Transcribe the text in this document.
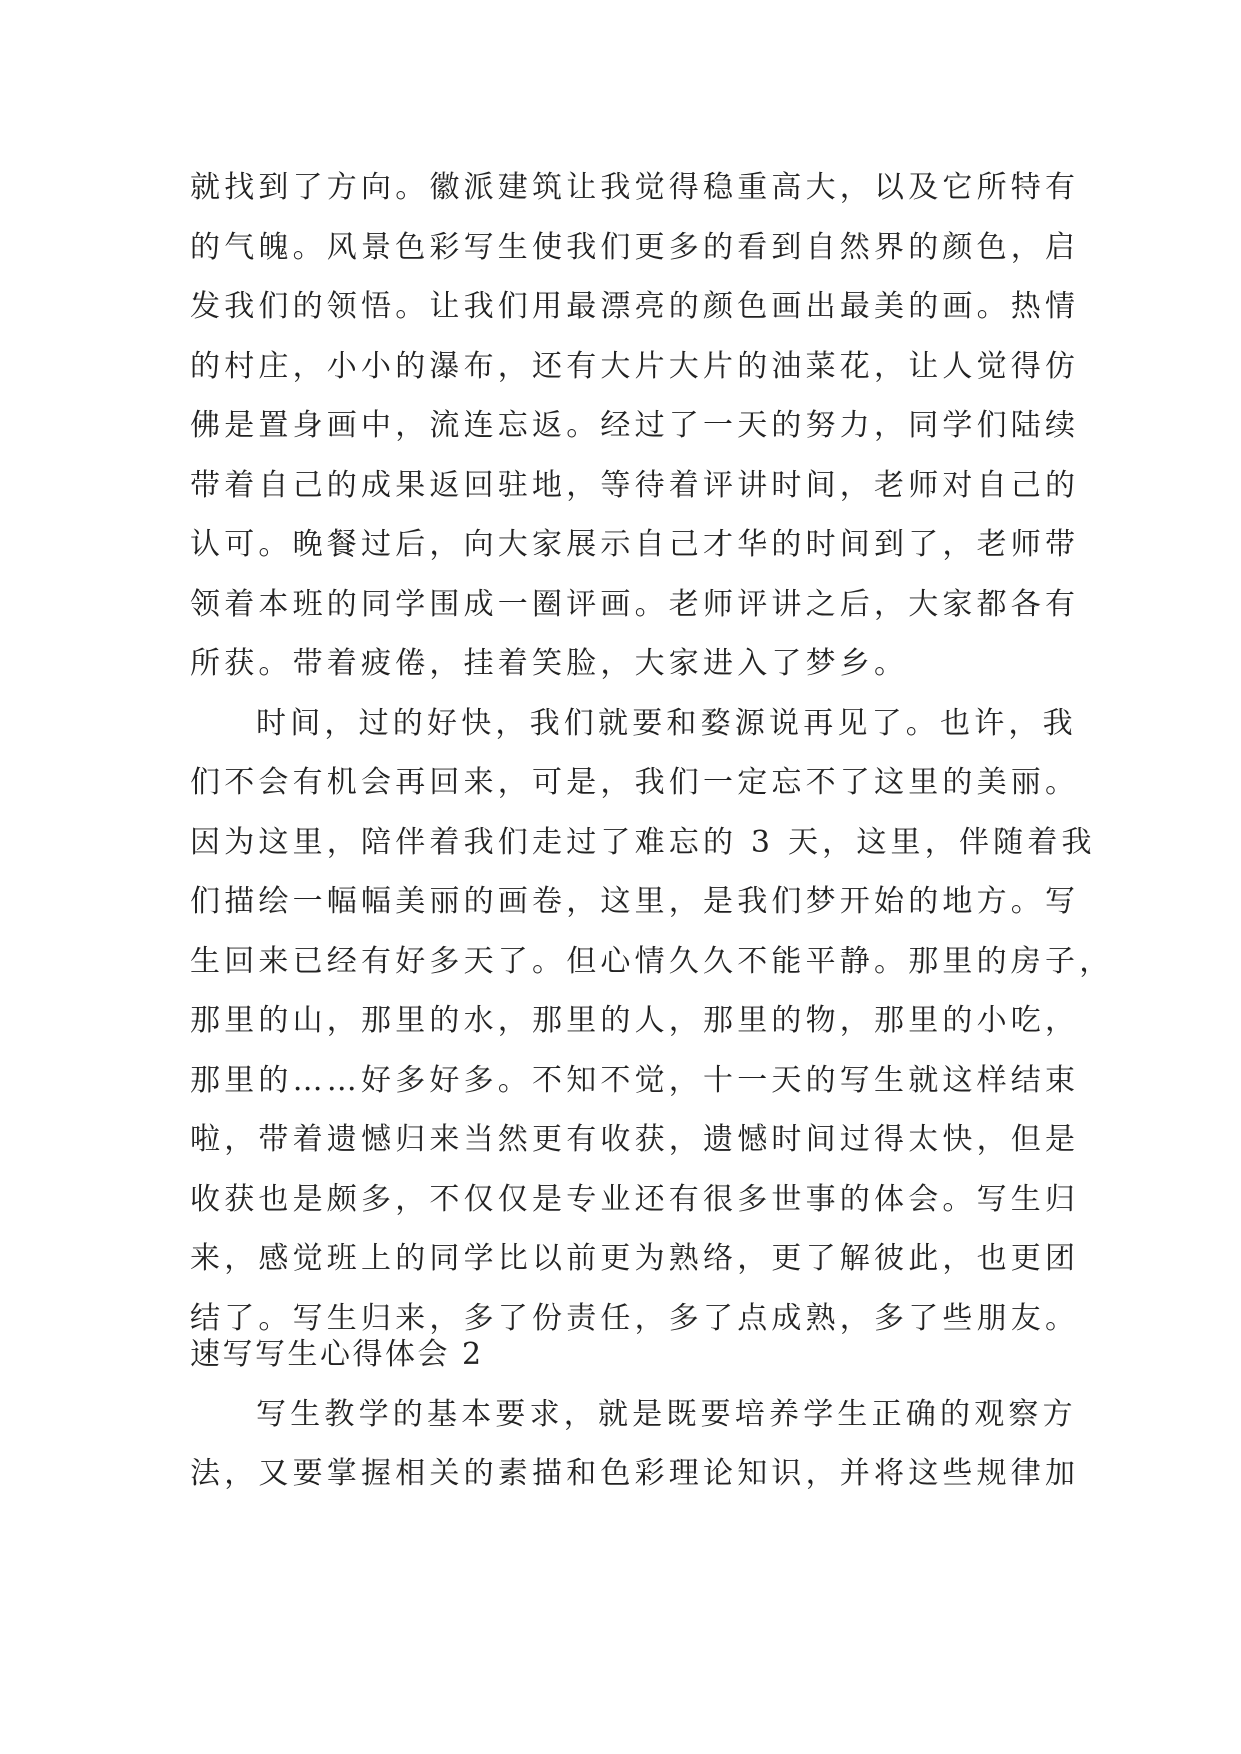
就找到了方向。徽派建筑让我觉得稳重高大，以及它所特有
的气魄。风景色彩写生使我们更多的看到自然界的颜色，启
发我们的领悟。让我们用最漂亮的颜色画出最美的画。热情
的村庄，小小的瀑布，还有大片大片的油菜花，让人觉得仿
佛是置身画中，流连忘返。经过了一天的努力，同学们陆续
带着自己的成果返回驻地，等待着评讲时间，老师对自己的
认可。晚餐过后，向大家展示自己才华的时间到了，老师带
领着本班的同学围成一圈评画。老师评讲之后，大家都各有
所获。带着疲倦，挂着笑脸，大家进入了梦乡。
时间，过的好快，我们就要和婺源说再见了。也许，我
们不会有机会再回来，可是，我们一定忘不了这里的美丽。
因为这里，陪伴着我们走过了难忘的 3 天，这里，伴随着我
们描绘一幅幅美丽的画卷，这里，是我们梦开始的地方。写
生回来已经有好多天了。但心情久久不能平静。那里的房子，
那里的山，那里的水，那里的人，那里的物，那里的小吃，
那里的……好多好多。不知不觉，十一天的写生就这样结束
啦，带着遗憾归来当然更有收获，遗憾时间过得太快，但是
收获也是颇多，不仅仅是专业还有很多世事的体会。写生归
来，感觉班上的同学比以前更为熟络，更了解彼此，也更团
结了。写生归来，多了份责任，多了点成熟，多了些朋友。
速写写生心得体会 2
写生教学的基本要求，就是既要培养学生正确的观察方
法，又要掌握相关的素描和色彩理论知识，并将这些规律加
